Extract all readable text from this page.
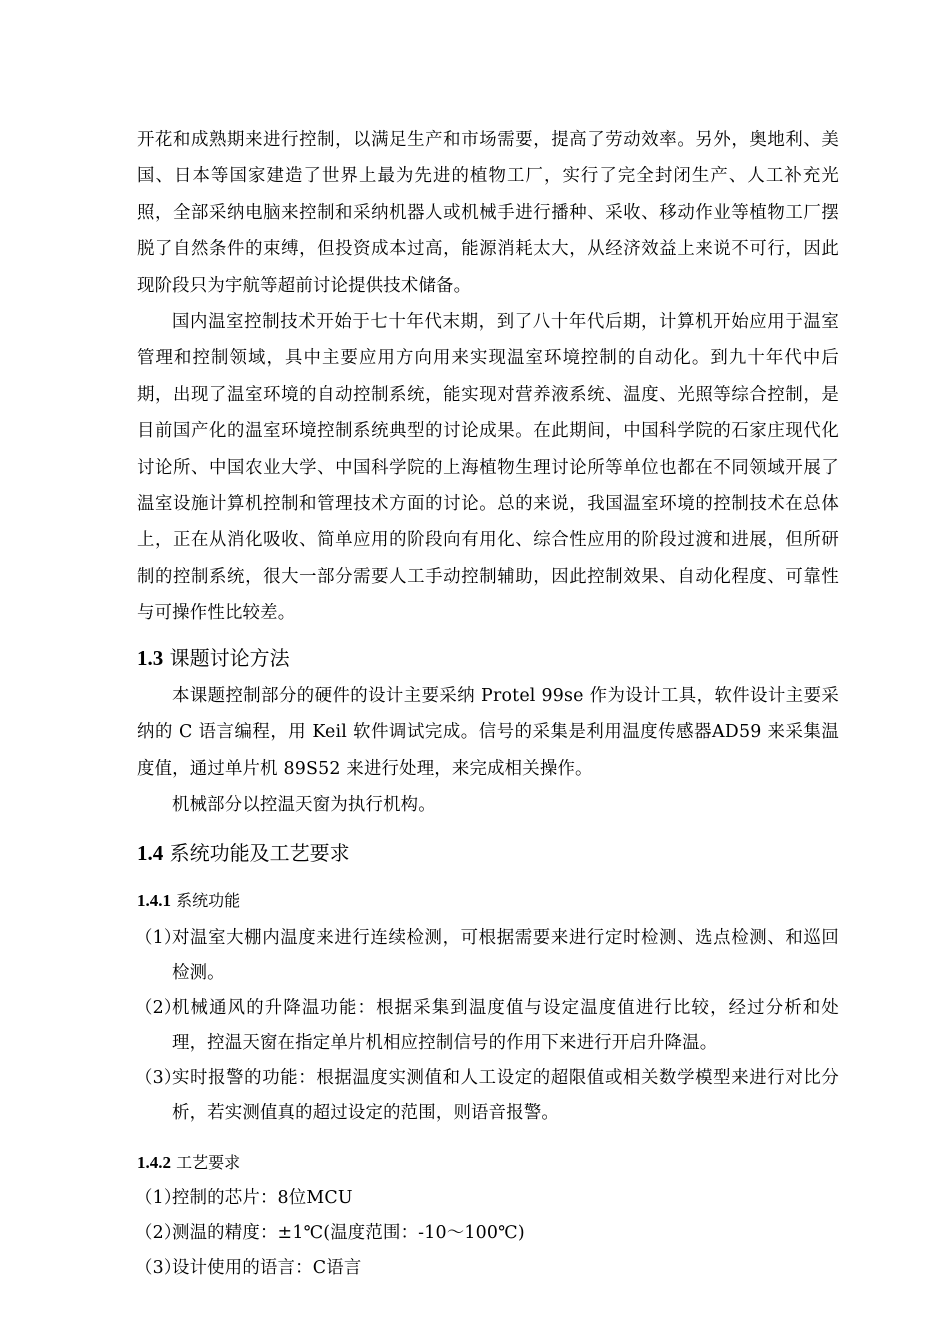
开花和成熟期来进行控制，以满足生产和市场需要，提高了劳动效率。另外，奥地利、美国、日本等国家建造了世界上最为先进的植物工厂，实行了完全封闭生产、人工补充光照，全部采纳电脑来控制和采纳机器人或机械手进行播种、采收、移动作业等植物工厂摆脱了自然条件的束缚，但投资成本过高，能源消耗太大，从经济效益上来说不可行，因此现阶段只为宇航等超前讨论提供技术储备。

国内温室控制技术开始于七十年代末期，到了八十年代后期，计算机开始应用于温室管理和控制领域，具中主要应用方向用来实现温室环境控制的自动化。到九十年代中后期，出现了温室环境的自动控制系统，能实现对营养液系统、温度、光照等综合控制，是目前国产化的温室环境控制系统典型的讨论成果。在此期间，中国科学院的石家庄现代化讨论所、中国农业大学、中国科学院的上海植物生理讨论所等单位也都在不同领域开展了温室设施计算机控制和管理技术方面的讨论。总的来说，我国温室环境的控制技术在总体上，正在从消化吸收、简单应用的阶段向有用化、综合性应用的阶段过渡和进展，但所研制的控制系统，很大一部分需要人工手动控制辅助，因此控制效果、自动化程度、可靠性与可操作性比较差。

1.3 课题讨论方法

本课题控制部分的硬件的设计主要采纳 Protel 99se 作为设计工具，软件设计主要采纳的 C 语言编程，用 Keil 软件调试完成。信号的采集是利用温度传感器AD59 来采集温度值，通过单片机 89S52 来进行处理，来完成相关操作。

机械部分以控温天窗为执行机构。

1.4 系统功能及工艺要求
1.4.1 系统功能

（1）
对温室大棚内温度来进行连续检测，可根据需要来进行定时检测、选点检测、和巡回检测。

（2）
机械通风的升降温功能：根据采集到温度值与设定温度值进行比较，经过分析和处理，控温天窗在指定单片机相应控制信号的作用下来进行开启升降温。

（3）
实时报警的功能：根据温度实测值和人工设定的超限值或相关数学模型来进行对比分析，若实测值真的超过设定的范围，则语音报警。

1.4.2 工艺要求

（1）
控制的芯片：8位MCU

（2）
测温的精度：±1℃(温度范围：-10～100℃)

（3）
设计使用的语言：C语言
